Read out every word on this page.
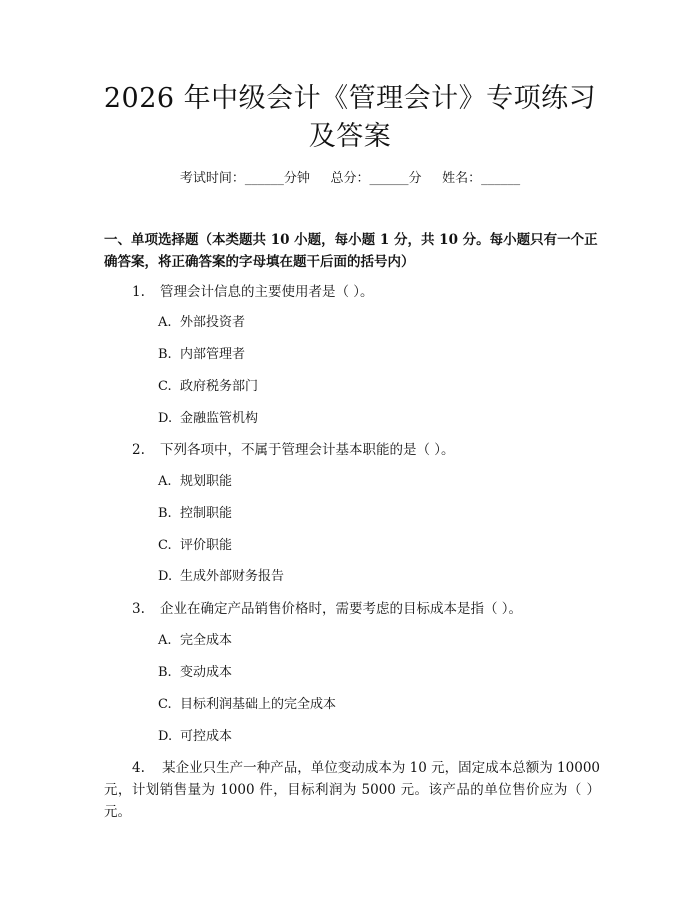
2026 年中级会计《管理会计》专项练习及答案
考试时间：______分钟     总分：______分     姓名：______
一、单项选择题（本类题共 10 小题，每小题 1 分，共 10 分。每小题只有一个正确答案，将正确答案的字母填在题干后面的括号内）
1. 管理会计信息的主要使用者是（ ）。
A. 外部投资者
B. 内部管理者
C. 政府税务部门
D. 金融监管机构
2. 下列各项中，不属于管理会计基本职能的是（ ）。
A. 规划职能
B. 控制职能
C. 评价职能
D. 生成外部财务报告
3. 企业在确定产品销售价格时，需要考虑的目标成本是指（ ）。
A. 完全成本
B. 变动成本
C. 目标利润基础上的完全成本
D. 可控成本
4. 某企业只生产一种产品，单位变动成本为 10 元，固定成本总额为 10000 元，计划销售量为 1000 件，目标利润为 5000 元。该产品的单位售价应为（ ）元。
